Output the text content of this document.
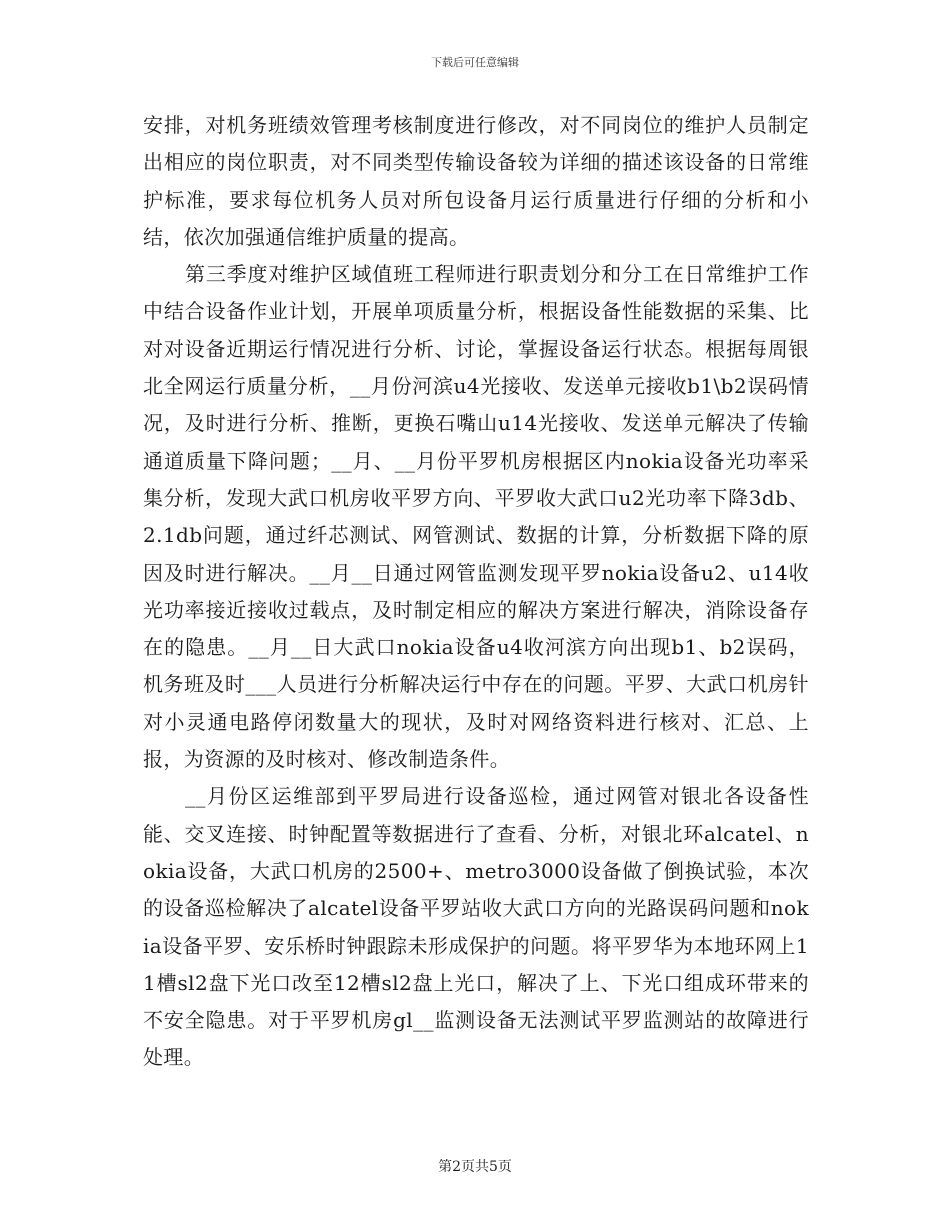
下载后可任意编辑

安排，对机务班绩效管理考核制度进行修改，对不同岗位的维护人员制定出相应的岗位职责，对不同类型传输设备较为详细的描述该设备的日常维护标准，要求每位机务人员对所包设备月运行质量进行仔细的分析和小结，依次加强通信维护质量的提高。

第三季度对维护区域值班工程师进行职责划分和分工在日常维护工作中结合设备作业计划，开展单项质量分析，根据设备性能数据的采集、比对对设备近期运行情况进行分析、讨论，掌握设备运行状态。根据每周银北全网运行质量分析，__月份河滨u4光接收、发送单元接收b1\b2误码情况，及时进行分析、推断，更换石嘴山u14光接收、发送单元解决了传输通道质量下降问题；__月、__月份平罗机房根据区内nokia设备光功率采集分析，发现大武口机房收平罗方向、平罗收大武口u2光功率下降3db、2.1db问题，通过纤芯测试、网管测试、数据的计算，分析数据下降的原因及时进行解决。__月__日通过网管监测发现平罗nokia设备u2、u14收光功率接近接收过载点，及时制定相应的解决方案进行解决，消除设备存在的隐患。__月__日大武口nokia设备u4收河滨方向出现b1、b2误码，机务班及时___人员进行分析解决运行中存在的问题。平罗、大武口机房针对小灵通电路停闭数量大的现状，及时对网络资料进行核对、汇总、上报，为资源的及时核对、修改制造条件。

__月份区运维部到平罗局进行设备巡检，通过网管对银北各设备性能、交叉连接、时钟配置等数据进行了查看、分析，对银北环alcatel、nokia设备，大武口机房的2500+、metro3000设备做了倒换试验，本次的设备巡检解决了alcatel设备平罗站收大武口方向的光路误码问题和nokia设备平罗、安乐桥时钟跟踪未形成保护的问题。将平罗华为本地环网上11槽sl2盘下光口改至12槽sl2盘上光口，解决了上、下光口组成环带来的不安全隐患。对于平罗机房gl__监测设备无法测试平罗监测站的故障进行处理。

第2页共5页
